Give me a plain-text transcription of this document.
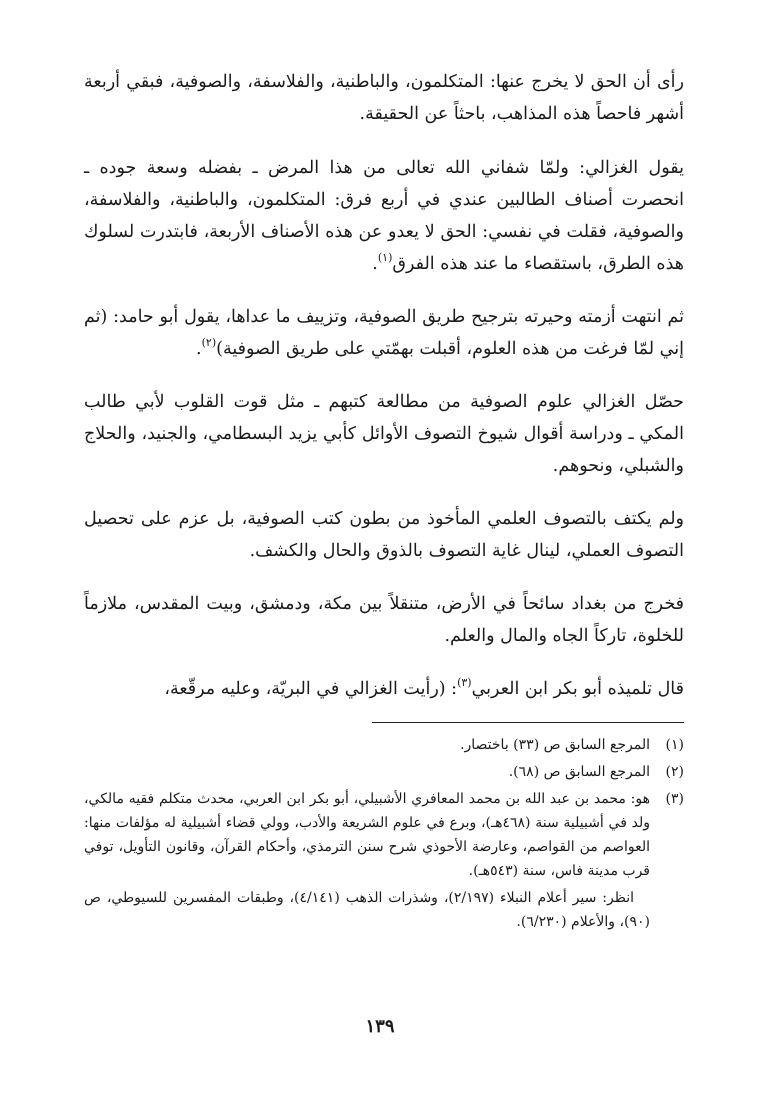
رأى أن الحق لا يخرج عنها: المتكلمون، والباطنية، والفلاسفة، والصوفية، فبقي أربعة أشهر فاحصاً هذه المذاهب، باحثاً عن الحقيقة.

يقول الغزالي: ولمّا شفاني الله تعالى من هذا المرض ـ بفضله وسعة جوده ـ انحصرت أصناف الطالبين عندي في أربع فرق: المتكلمون، والباطنية، والفلاسفة، والصوفية، فقلت في نفسي: الحق لا يعدو عن هذه الأصناف الأربعة، فابتدرت لسلوك هذه الطرق، باستقصاء ما عند هذه الفرق$^{(١)}$.

ثم انتهت أزمته وحيرته بترجيح طريق الصوفية، وتزييف ما عداها، يقول أبو حامد: (ثم إني لمّا فرغت من هذه العلوم، أقبلت بهمّتي على طريق الصوفية)$^{(٢)}$.

حصّل الغزالي علوم الصوفية من مطالعة كتبهم ـ مثل قوت القلوب لأبي طالب المكي ـ ودراسة أقوال شيوخ التصوف الأوائل كأبي يزيد البسطامي، والجنيد، والحلاج والشبلي، ونحوهم.

ولم يكتف بالتصوف العلمي المأخوذ من بطون كتب الصوفية، بل عزم على تحصيل التصوف العملي، لينال غاية التصوف بالذوق والحال والكشف.

فخرج من بغداد سائحاً في الأرض، متنقلاً بين مكة، ودمشق، وبيت المقدس، ملازماً للخلوة، تاركاً الجاه والمال والعلم.

قال تلميذه أبو بكر ابن العربي$^{(٣)}$: (رأيت الغزالي في البريّة، وعليه مرقّعة،

(١)
المرجع السابق ص (٣٣) باختصار.
(٢)
المرجع السابق ص (٦٨).
(٣)
هو: محمد بن عبد الله بن محمد المعافري الأشبيلي، أبو بكر ابن العربي، محدث متكلم فقيه مالكي، ولد في أشبيلية سنة (٤٦٨هـ)، وبرع في علوم الشريعة والأدب، وولي قضاء أشبيلية له مؤلفات منها: العواصم من القواصم، وعارضة الأحوذي شرح سنن الترمذي، وأحكام القرآن، وقانون التأويل، توفي قرب مدينة فاس، سنة (٥٤٣هـ).
انظر: سير أعلام النبلاء (٢/١٩٧)، وشذرات الذهب (٤/١٤١)، وطبقات المفسرين للسيوطي، ص (٩٠)، والأعلام (٦/٢٣٠).
١٣٩
